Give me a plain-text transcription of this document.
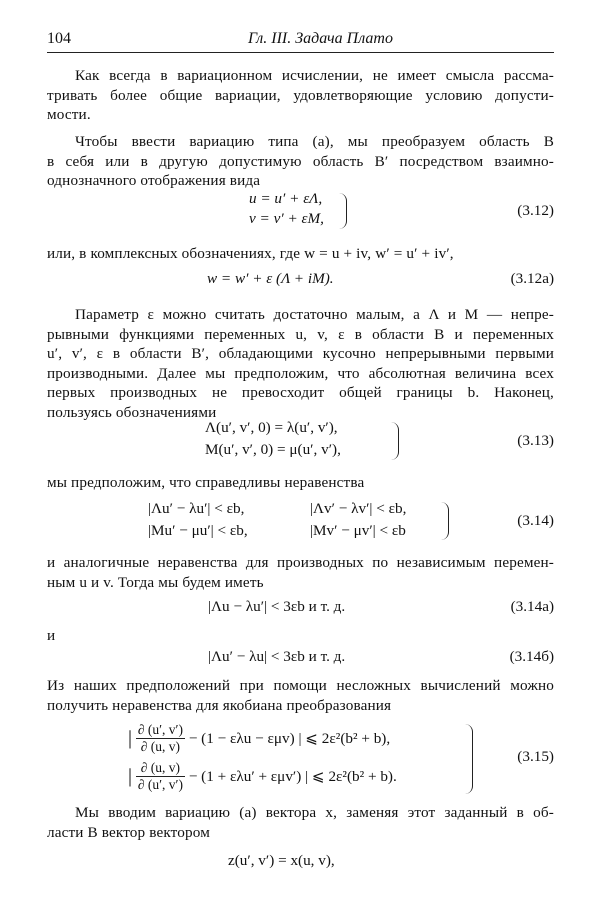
104	Гл. III. Задача Плато
Как всегда в вариационном исчислении, не имеет смысла рассма-
тривать более общие вариации, удовлетворяющие условию допусти-
мости.
Чтобы ввести вариацию типа (а), мы преобразуем область B
в себя или в другую допустимую область B′ посредством взаимно-
однозначного отображения вида
u = u′ + εΛ,
v = v′ + εM,	(3.12)
или, в комплексных обозначениях, где w = u + iv, w′ = u′ + iv′,
w = w′ + ε (Λ + iM).	(3.12a)
Параметр ε можно считать достаточно малым, а Λ и M — непре-
рывными функциями переменных u, v, ε в области B и переменных
u′, v′, ε в области B′, обладающими кусочно непрерывными первыми
производными. Далее мы предположим, что абсолютная величина всех
первых производных не превосходит общей границы b. Наконец,
пользуясь обозначениями
Λ(u′, v′, 0) = λ(u′, v′),
M(u′, v′, 0) = μ(u′, v′),
(3.13)
мы предположим, что справедливы неравенства
|Λu′ − λu′| < εb,	|Λv′ − λv′| < εb,
|Mu′ − μu′| < εb,	|Mv′ − μv′| < εb
(3.14)
и аналогичные неравенства для производных по независимым перемен-
ным u и v. Тогда мы будем иметь
|Λu − λu′| < 3εb и т. д.	(3.14а)
и
|Λu′ − λu| < 3εb и т. д.	(3.14б)
Из наших предположений при помощи несложных вычислений можно
получить неравенства для якобиана преобразования
| $\frac{\partial (u', v')}{\partial (u, v)} - (1 - \varepsilon\lambda u - \varepsilon\mu v)$ | ⩽ 2ε²(b² + b),
| $\frac{\partial (u, v)}{\partial (u', v')} - (1 + \varepsilon\lambda u' + \varepsilon\mu v')$ | ⩽ 2ε²(b² + b).
(3.15)
Мы вводим вариацию (а) вектора x, заменяя этот заданный в об-
ласти B вектор вектором
z(u′, v′) = x(u, v),
